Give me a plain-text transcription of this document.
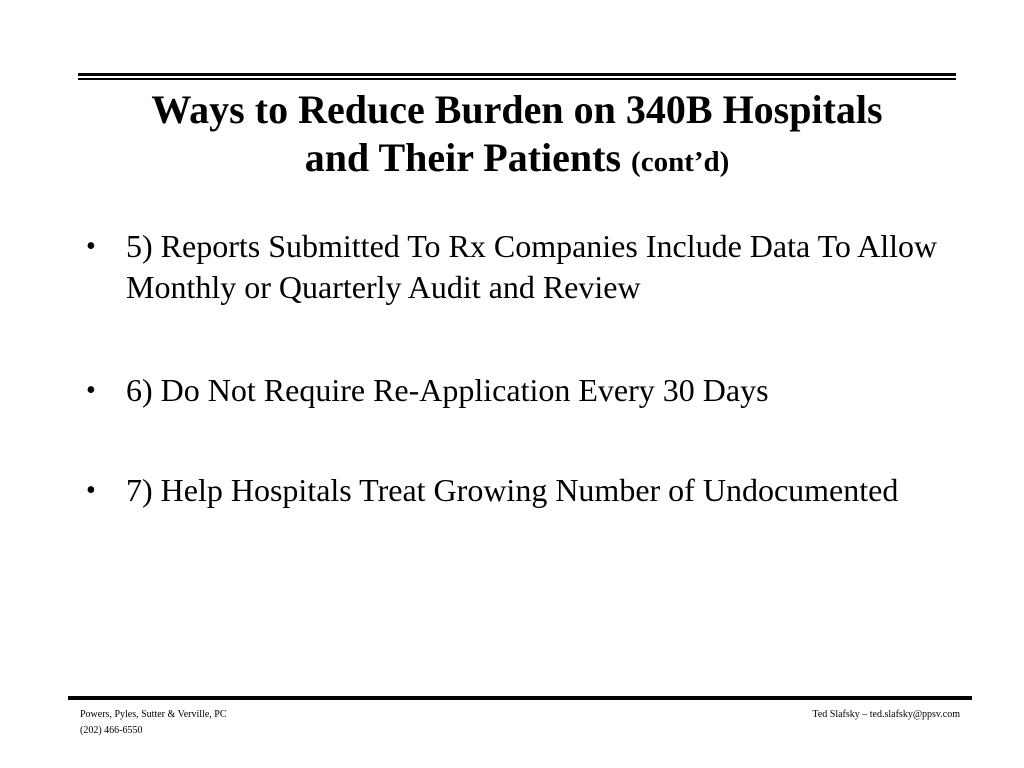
Ways to Reduce Burden on 340B Hospitals
and Their Patients (cont’d)
• 5) Reports Submitted To Rx Companies Include Data To Allow Monthly or Quarterly Audit and Review
• 6) Do Not Require Re-Application Every 30 Days
• 7) Help Hospitals Treat Growing Number of Undocumented
Powers, Pyles, Sutter & Verville, PC
(202) 466-6550
Ted Slafsky – ted.slafsky@ppsv.com
